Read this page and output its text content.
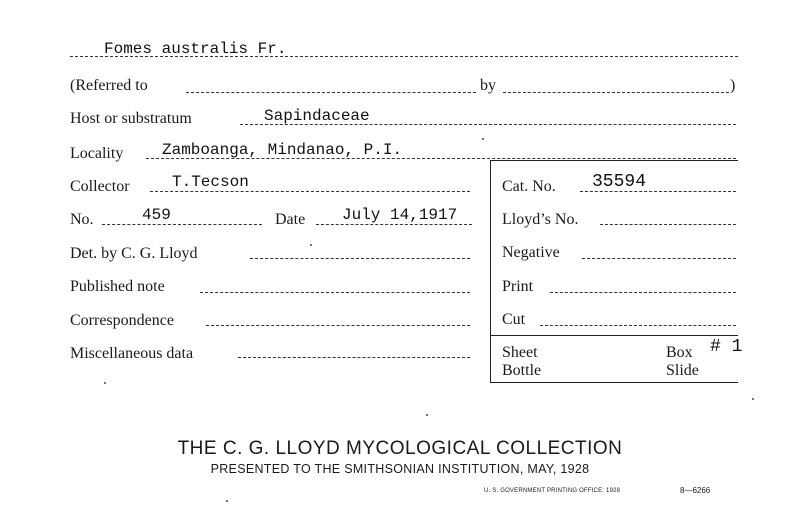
Fomes australis Fr.
(Referred to	by	)
Host or substratum	Sapindaceae
Locality Zamboanga, Mindanao, P.I.
Collector	T.Tecson	Cat. No. 35594
No.	459	Date July 14,1917	Lloyd’s No.
Det. by C. G. Lloyd	Negative
Published note	Print
Correspondence	Cut
Miscellaneous data	Sheet	Box # 1
Bottle	Slide
THE C. G. LLOYD MYCOLOGICAL COLLECTION
PRESENTED TO THE SMITHSONIAN INSTITUTION, MAY, 1928
U. S. GOVERNMENT PRINTING OFFICE: 1928	8—6266
